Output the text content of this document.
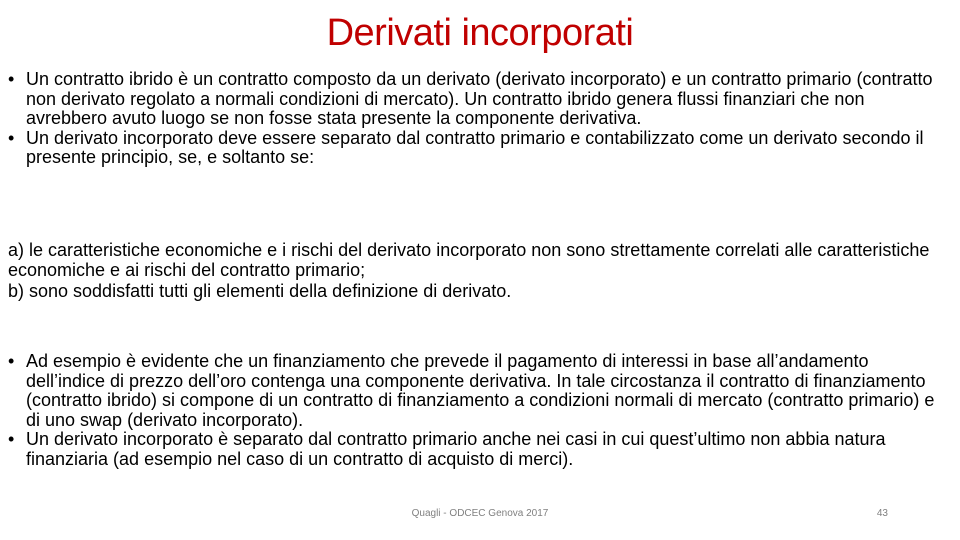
Derivati incorporati

• Un contratto ibrido è un contratto composto da un derivato (derivato incorporato) e un contratto primario (contratto non derivato regolato a normali condizioni di mercato). Un contratto ibrido genera flussi finanziari che non avrebbero avuto luogo se non fosse stata presente la componente derivativa.

• Un derivato incorporato deve essere separato dal contratto primario e contabilizzato come un derivato secondo il presente principio, se, e soltanto se:

a) le caratteristiche economiche e i rischi del derivato incorporato non sono strettamente correlati alle caratteristiche economiche e ai rischi del contratto primario;

b) sono soddisfatti tutti gli elementi della definizione di derivato.

• Ad esempio è evidente che un finanziamento che prevede il pagamento di interessi in base all’andamento dell’indice di prezzo dell’oro contenga una componente derivativa. In tale circostanza il contratto di finanziamento (contratto ibrido) si compone di un contratto di finanziamento a condizioni normali di mercato (contratto primario) e di uno swap (derivato incorporato).

• Un derivato incorporato è separato dal contratto primario anche nei casi in cui quest’ultimo non abbia natura finanziaria (ad esempio nel caso di un contratto di acquisto di merci).

Quagli - ODCEC Genova 2017	43
